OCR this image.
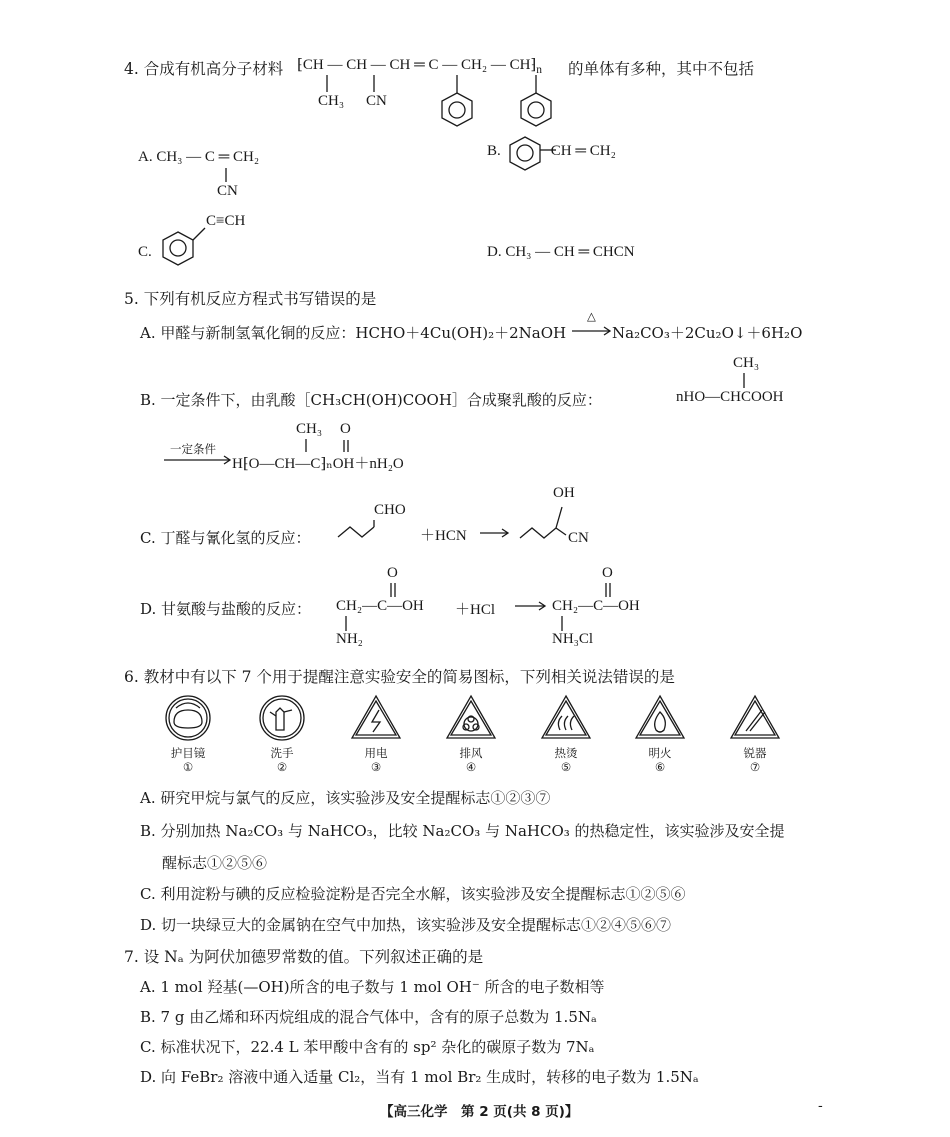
4. 合成有机高分子材料 ⁅CH — CH — CH ═ C — CH₂ — $CH⁆_n$
CH₃ CN
的单体有多种，其中不包括
A. CH₃ — C ═ CH₂
CN
B.	CH ═ CH₂
C.
C≡CH
D. CH₃ — CH ═ CHCN
5. 下列有机反应方程式书写错误的是
A. 甲醛与新制氢氧化铜的反应：HCHO＋4Cu(OH)₂＋2NaOH
△
Na₂CO₃＋2Cu₂O↓＋6H₂O
B. 一定条件下，由乳酸［CH₃CH(OH)COOH］合成聚乳酸的反应：
CH₃
nHO—CHCOOH
一定条件
CH₃ O
H⁅O—CH—C⁆ₙOH＋nH₂O
C. 丁醛与氰化氢的反应：
CHO
＋HCN
OH
CN
D. 甘氨酸与盐酸的反应：
O
CH₂—C—OH
NH₂
＋HCl
O
CH₂—C—OH
NH₃Cl
6. 教材中有以下 7 个用于提醒注意实验安全的简易图标，下列相关说法错误的是
护目镜
①
洗手
②
用电
③
排风
④
热烫
⑤
明火
⑥
锐器
⑦
A. 研究甲烷与氯气的反应，该实验涉及安全提醒标志①②③⑦
B. 分别加热 Na₂CO₃ 与 NaHCO₃，比较 Na₂CO₃ 与 NaHCO₃ 的热稳定性，该实验涉及安全提
醒标志①②⑤⑥
C. 利用淀粉与碘的反应检验淀粉是否完全水解，该实验涉及安全提醒标志①②⑤⑥
D. 切一块绿豆大的金属钠在空气中加热，该实验涉及安全提醒标志①②④⑤⑥⑦
7. 设 Nₐ 为阿伏加德罗常数的值。下列叙述正确的是
A. 1 mol 羟基(—OH)所含的电子数与 1 mol OH⁻ 所含的电子数相等
B. 7 g 由乙烯和环丙烷组成的混合气体中，含有的原子总数为 1.5Nₐ
C. 标准状况下，22.4 L 苯甲酸中含有的 sp² 杂化的碳原子数为 7Nₐ
D. 向 FeBr₂ 溶液中通入适量 Cl₂，当有 1 mol Br₂ 生成时，转移的电子数为 1.5Nₐ
【高三化学　第 2 页(共 8 页)】	-
